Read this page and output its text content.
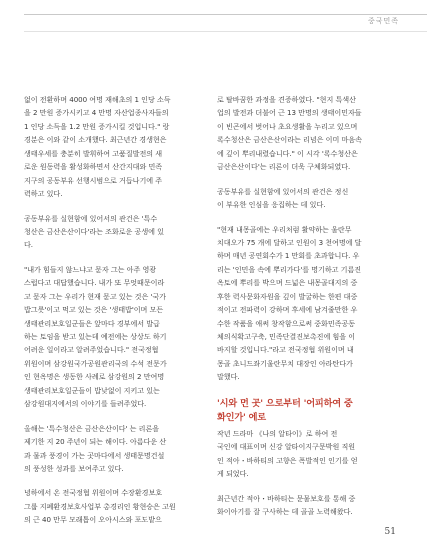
중국민족
없이 전환하며 4000 여명 재해초의 1 인당 소득
을 2 만원 증가시키고 4 만명 자산업종사자들의
1 인당 소득을 1.2 만원 증가시킬 것입니다." 랑
경분은 이와 같이 소개했다. 최근년간 경생현은
생태우세를 충분히 발휘하여 고품질발전의 새
로운 원동력을 활성화하면서 산간지대와 민족
지구의 공동부유 선행시범으로 거듭나기에 주
력하고 있다.
공동부유를 실현함에 있어서의 관건은 '특수
청산은 금산은산이다'라는 조화로운 공생에 있
다.
"내가 힘들지 않느냐고 묻자 그는 아주 영광
스럽다고 대답했습니다. 내가 또 무엇때문이라
고 묻자 그는 우리가 현재 묻고 있는 것은 '국가
밥그릇'이고 먹고 있는 것은 '생태밥'이며 모든
생태관리보호일군들은 앞마다 경부에서 발급
하는 토임을 받고 있는데 예전에는 상상도 하기
어려운 일이라고 알려주었습니다." 전국정협
위원이며 삼강원국가공원관리국의 수석 전문가
인 현옥명은 생동한 사례로 삼강원의 2 만여명
생태관리보호일군들이 밥낮없이 지키고 있는
삼강원대지에서의 이야기를 들려주었다.
올해는 '특수청산은 금산은산이다' 는 리론을
제기한 지 20 주년이 되는 해이다. 아름다운 산
과 물과 풍경이 가는 곳마다에서 생태문명건설
의 풍성한 성과를 보여주고 있다.
녕하에서 온 전국정협 위원이며 수장환경보호
그룹 지폐환경보호사업부 총경리인 황현승은 고원
의 근 40 만무 모래톱이 오아시스와 포도밭으
로 탈바꿈한 과정을 견증하였다. "현지 특색산
업의 발전과 더불어 근 13 만명의 생태이민자들
이 빈곤에서 벗어나 초요생활을 누리고 있으며
록수청산은 금산은산이라는 리념은 이미 마음속
에 깊이 뿌리내렸습니다." 이 시각 '록수청산은
금산은산이다'는 리론이 더욱 구체화되였다.
공동부유를 실현함에 있어서의 관건은 정신
이 부유한 인심을 응집하는 데 있다.
"현재 내몽골에는 우리처럼 활약하는 울란무
치대오가 75 개에 달하고 인원이 3 천여명에 달
하며 매년 공연회수가 1 만회를 초과합니다. 우
리는 '인민을 속에 뿌리가다'를 명기하고 기름진
옥토에 뿌리를 박으며 드넓은 내몽골대지의 중
후한 력사문화자원을 깊이 발굴하는 한편 대중
적이고 전파력이 강하며 후세에 남겨줄만한 우
수한 작품을 애써 창작함으로써 중화민족공동
체의식확고구축, 민족단결진보촉진에 힘을 이
바지할 것입니다."라고 전국정협 위원이며 내
몽골 초니드좌기울란무치 대장인 아라탄다가
말했다.
'시와 먼 곳' 으로부터 '어피하여 중
화인가' 에로
작년 드라마 《나의 알타이》로 하여 전
국인에 대표이며 신강 알타이지구문박원 직원
인 적아・바하티의 고향은 폭발적인 인기를 얻
게 되었다.
최근년간 적아・바하티는 문물보호를 통해 중
화이아기를 잘 구사하는 데 골골 노력해왔다.
51
